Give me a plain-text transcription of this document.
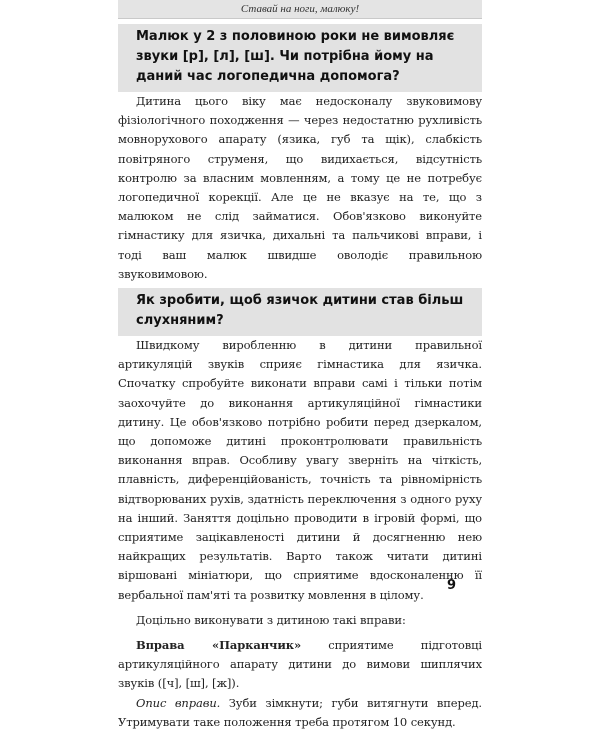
Ставай на ноги, малюку!
Малюк у 2 з половиною роки не вимовляє звуки [р], [л], [ш]. Чи потрібна йому на даний час логопедична допомога?

Дитина цього віку має недосконалу звуковимову фізіологічного походження — через недостатню рухливість мовнорухового апарату (язика, губ та щік), слабкість повітряного струменя, що видихається, відсутність контролю за власним мовленням, а тому це не потребує логопедичної корекції. Але це не вказує на те, що з малюком не слід займатися. Обов'язково виконуйте гімнастику для язичка, дихальні та пальчикові вправи, і тоді ваш малюк швидше оволодіє правильною звуковимовою.

Як зробити, щоб язичок дитини став більш слухняним?

Швидкому виробленню в дитини правильної артикуляцій звуків сприяє гімнастика для язичка. Спочатку спробуйте виконати вправи самі і тільки потім заохочуйте до виконання артикуляційної гімнастики дитину. Це обов'язково потрібно робити перед дзеркалом, що допоможе дитині проконтролювати правильність виконання вправ. Особливу увагу зверніть на чіткість, плавність, диференційованість, точність та рівномірність відтворюваних рухів, здатність переключення з одного руху на інший. Заняття доцільно проводити в ігровій формі, що сприятиме зацікавленості дитини й досягненню нею найкращих результатів. Варто також читати дитині віршовані мініатюри, що сприятиме вдосконаленню її вербальної пам'яті та розвитку мовлення в цілому.

Доцільно виконувати з дитиною такі вправи:

Вправа «Парканчик» сприятиме підготовці артикуляційного апарату дитини до вимови шиплячих звуків ([ч], [ш], [ж]).

Опис вправи. Зуби зімкнути; губи витягнути вперед. Утримувати таке положення треба протягом 10 секунд.

9
